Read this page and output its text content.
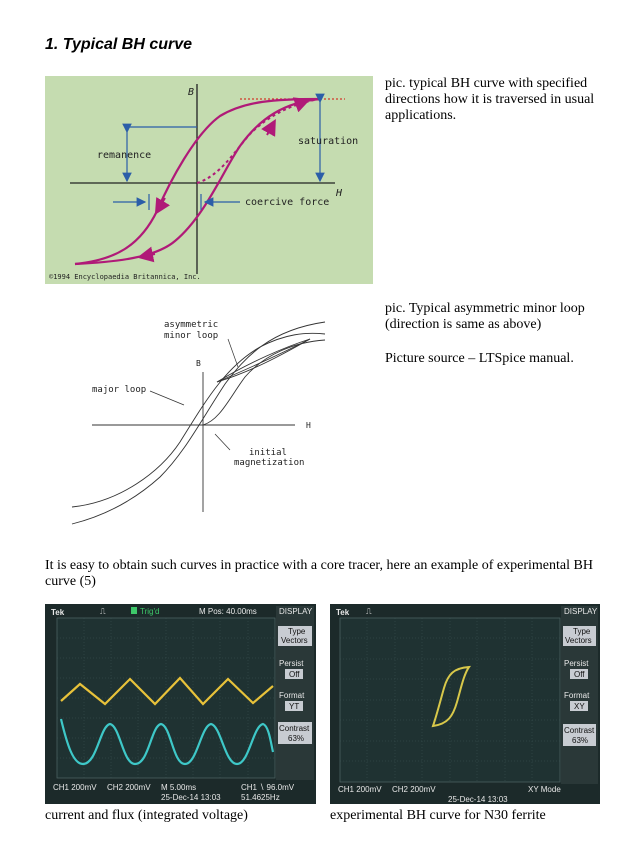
1. Typical BH curve
B
H
saturation
remanence
coercive force
©1994 Encyclopaedia Britannica, Inc.
pic. typical BH curve with specified directions how it is traversed in usual applications.
asymmetric
minor loop
B
major loop
H
initial
magnetization
pic. Typical asymmetric minor loop (direction is same as above)
Picture source – LTSpice manual.
It is easy to obtain such curves in practice with a core tracer, here an example of experimental BH curve (5)
Tek	⎍	Trig'd	M Pos: 40.00ms	DISPLAY
Type
Vectors
Persist
Off
Format
YT
Contrast
63%
CH1 200mV CH2 200mV M 5.00ms	CH1 ∖ 96.0mV
25-Dec-14 13:03	51.4625Hz
current and flux (integrated voltage)
Tek ⎍	DISPLAY
Type
Vectors
Persist
Off
Format
XY
Contrast
63%
CH1 200mV CH2 200mV	XY Mode
25-Dec-14 13:03
experimental BH curve for N30 ferrite
